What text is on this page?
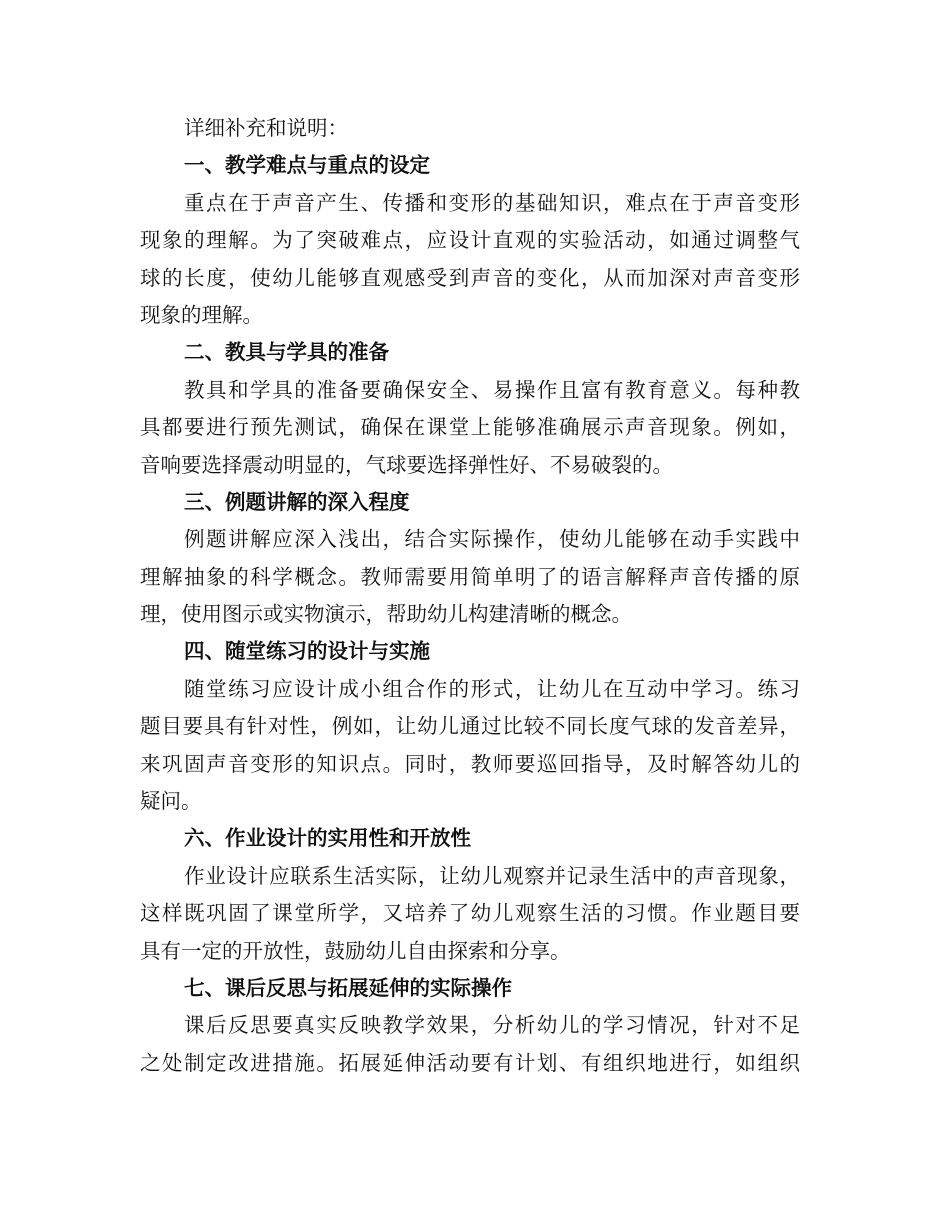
详细补充和说明：
一、教学难点与重点的设定
重点在于声音产生、传播和变形的基础知识，难点在于声音变形
现象的理解。为了突破难点，应设计直观的实验活动，如通过调整气
球的长度，使幼儿能够直观感受到声音的变化，从而加深对声音变形
现象的理解。
二、教具与学具的准备
教具和学具的准备要确保安全、易操作且富有教育意义。每种教
具都要进行预先测试，确保在课堂上能够准确展示声音现象。例如，
音响要选择震动明显的，气球要选择弹性好、不易破裂的。
三、例题讲解的深入程度
例题讲解应深入浅出，结合实际操作，使幼儿能够在动手实践中
理解抽象的科学概念。教师需要用简单明了的语言解释声音传播的原
理，使用图示或实物演示，帮助幼儿构建清晰的概念。
四、随堂练习的设计与实施
随堂练习应设计成小组合作的形式，让幼儿在互动中学习。练习
题目要具有针对性，例如，让幼儿通过比较不同长度气球的发音差异，
来巩固声音变形的知识点。同时，教师要巡回指导，及时解答幼儿的
疑问。
六、作业设计的实用性和开放性
作业设计应联系生活实际，让幼儿观察并记录生活中的声音现象，
这样既巩固了课堂所学，又培养了幼儿观察生活的习惯。作业题目要
具有一定的开放性，鼓励幼儿自由探索和分享。
七、课后反思与拓展延伸的实际操作
课后反思要真实反映教学效果，分析幼儿的学习情况，针对不足
之处制定改进措施。拓展延伸活动要有计划、有组织地进行，如组织
